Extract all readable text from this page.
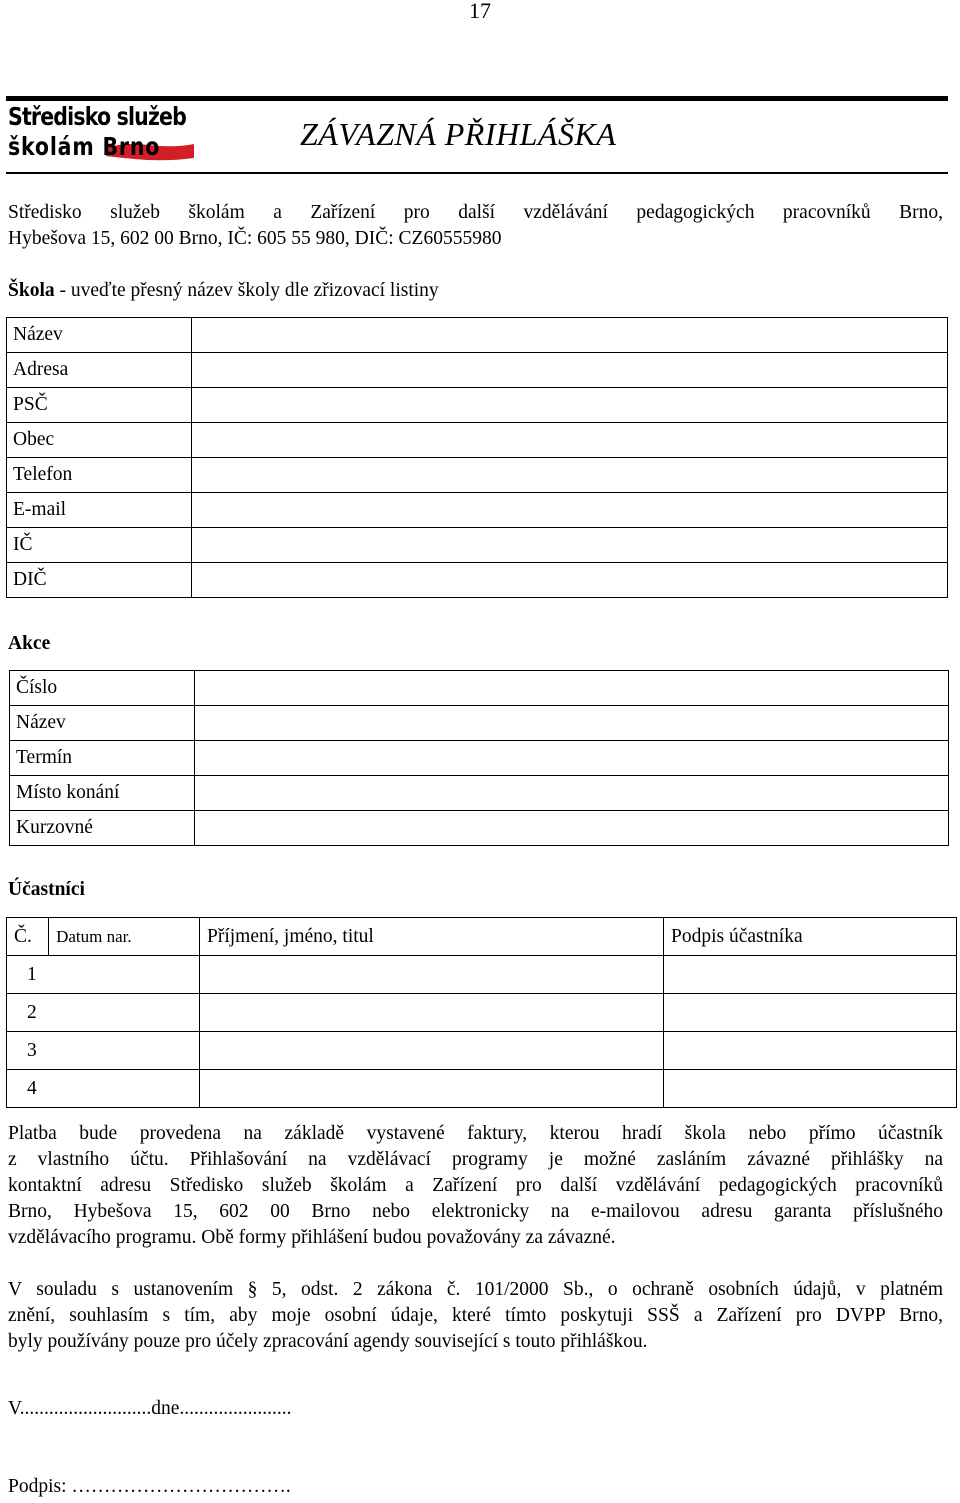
17
Středisko služeb
školám Brno	ZÁVAZNÁ PŘIHLÁŠKA
Středisko služeb školám a Zařízení pro další vzdělávání pedagogických pracovníků Brno,
Hybešova 15, 602 00 Brno, IČ: 605 55 980, DIČ: CZ60555980
Škola - uveďte přesný název školy dle zřizovací listiny
Název	
Adresa	
PSČ	
Obec	
Telefon	
E-mail	
IČ	
DIČ	
Akce
Číslo	
Název	
Termín	
Místo konání	
Kurzovné	
Účastníci
Č.	Datum nar.	Příjmení, jméno, titul	Podpis účastníka
1			
2			
3			
4			
Platba bude provedena na základě vystavené faktury, kterou hradí škola nebo přímo účastník
z vlastního účtu. Přihlašování na vzdělávací programy je možné zasláním závazné přihlášky na
kontaktní adresu Středisko služeb školám a Zařízení pro další vzdělávání pedagogických pracovníků
Brno, Hybešova 15, 602 00 Brno nebo elektronicky na e-mailovou adresu garanta příslušného
vzdělávacího programu. Obě formy přihlášení budou považovány za závazné.
V souladu s ustanovením § 5, odst. 2 zákona č. 101/2000 Sb., o ochraně osobních údajů, v platném
znění, souhlasím s tím, aby moje osobní údaje, které tímto poskytuji SSŠ a Zařízení pro DVPP Brno,
byly používány pouze pro účely zpracování agendy související s touto přihláškou.
V...........................dne.......................
Podpis: …………………………….
